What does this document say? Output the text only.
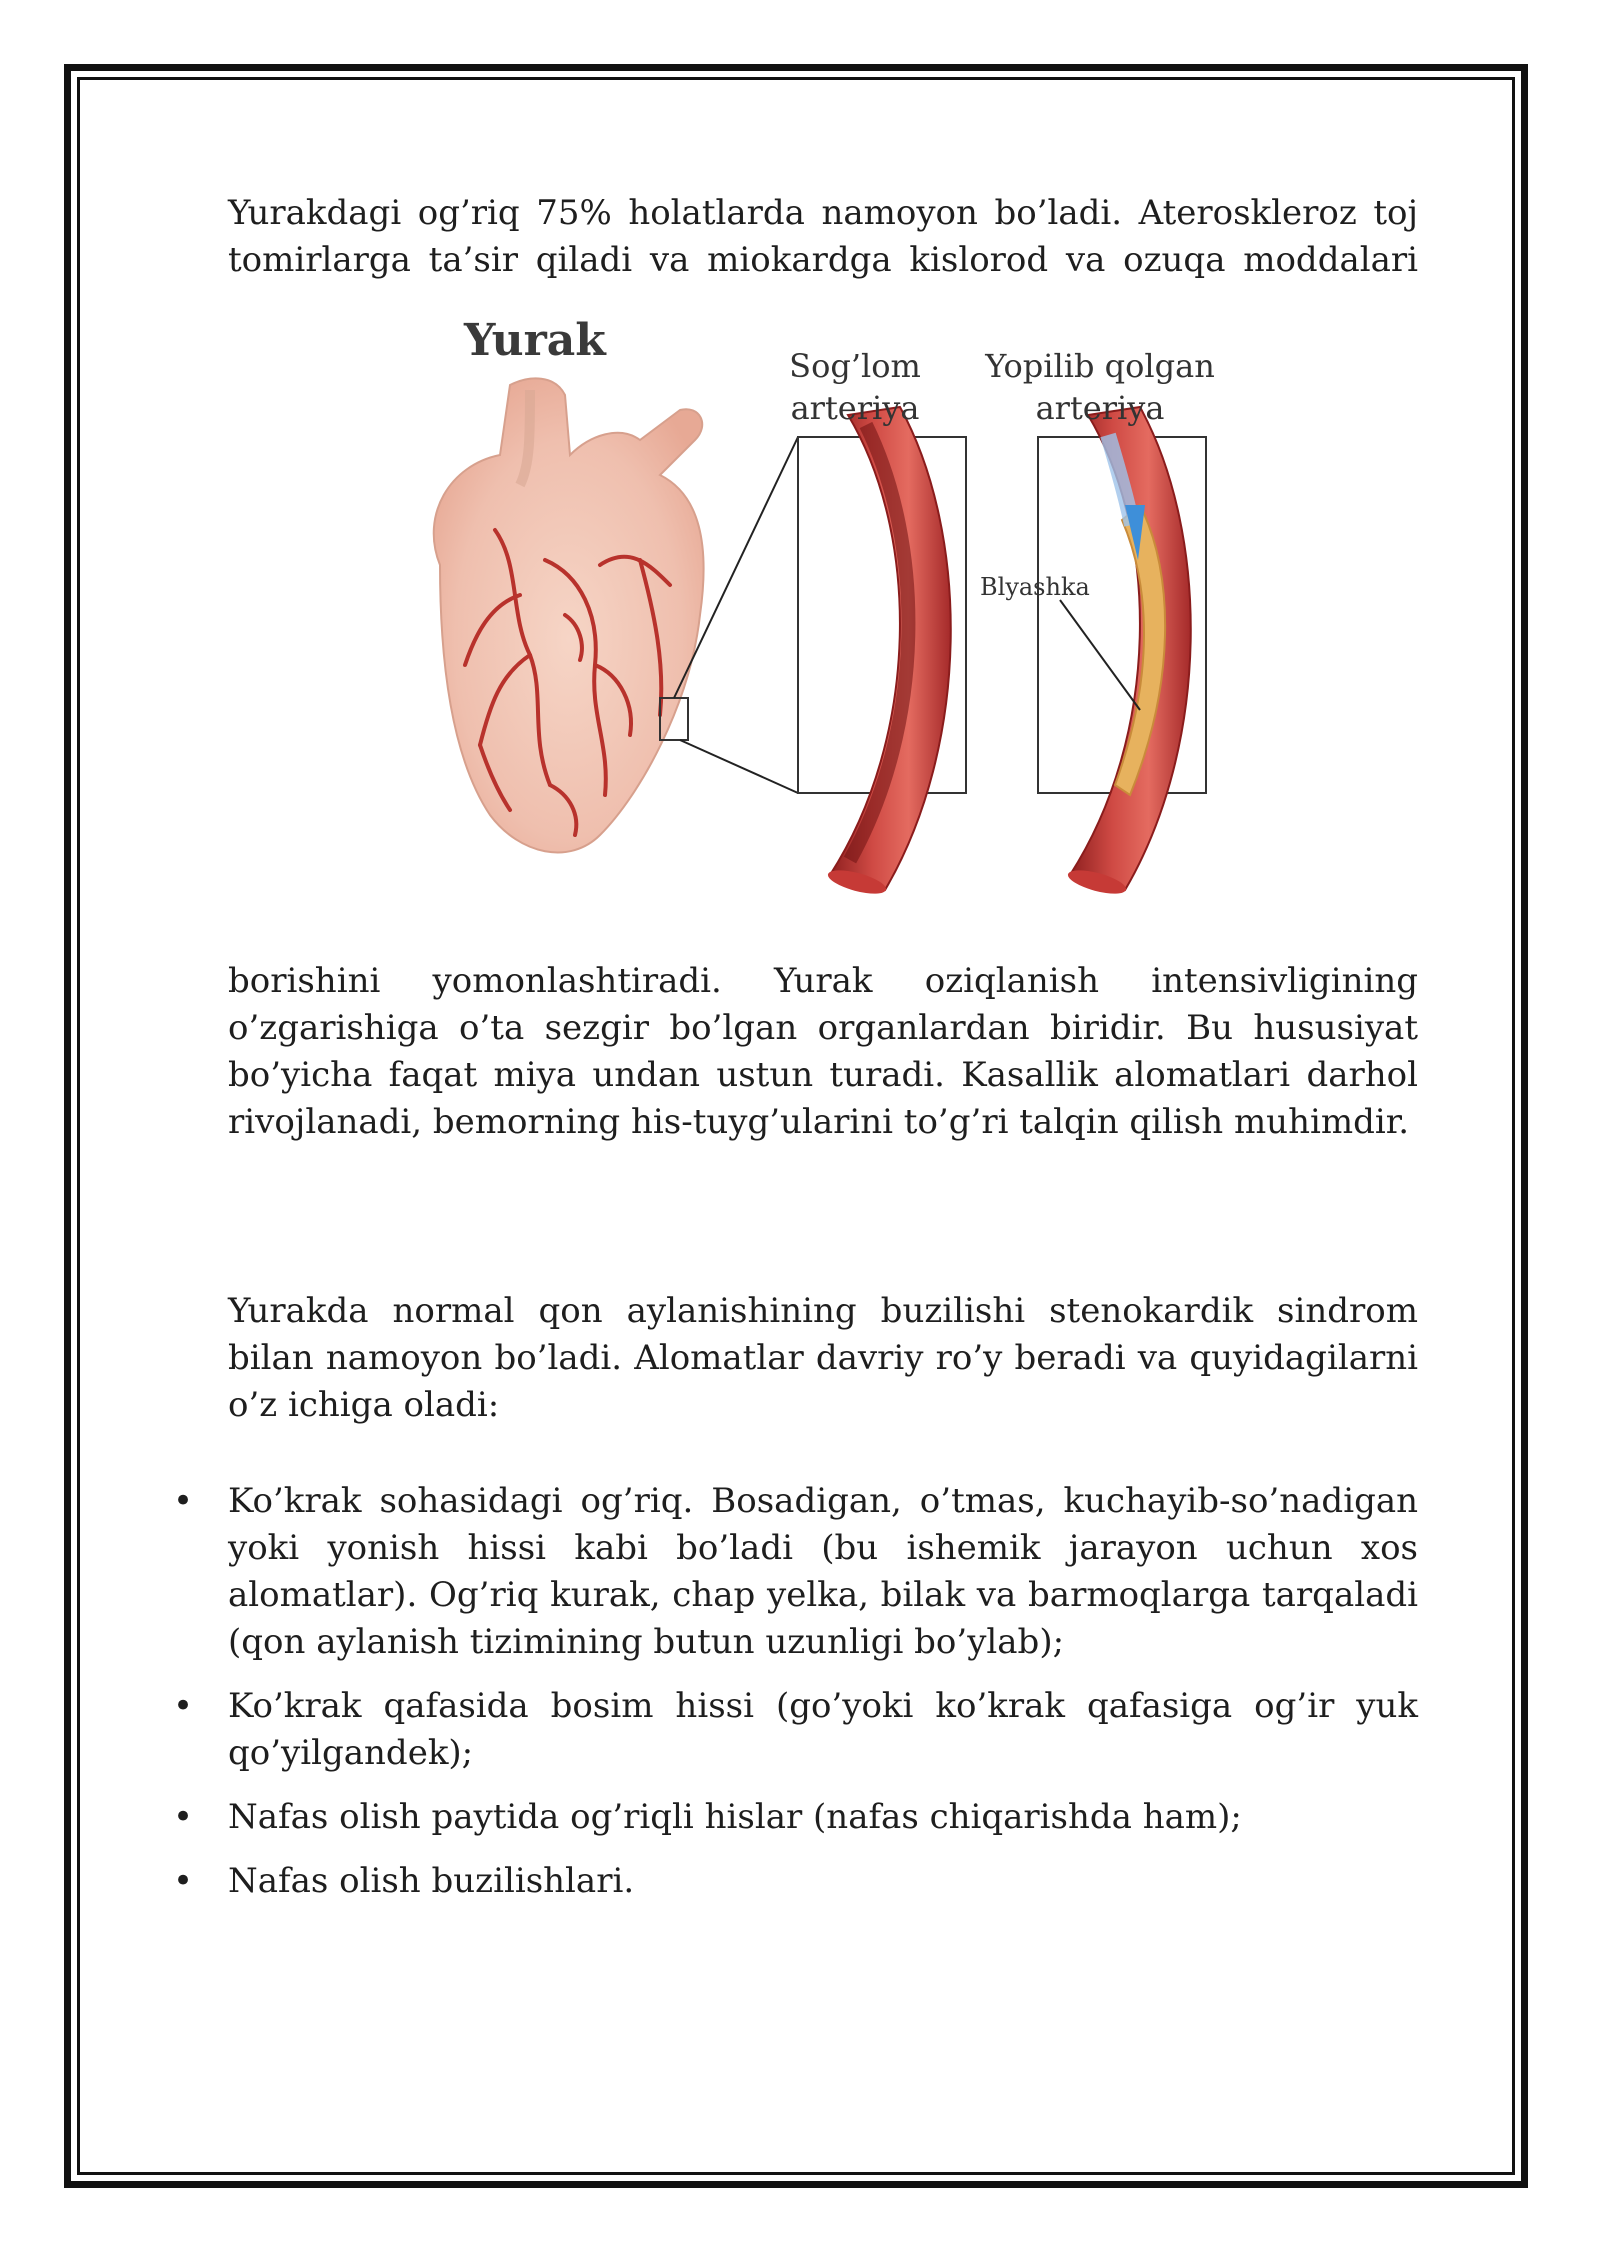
Yurakdagi og’riq 75% holatlarda namoyon bo’ladi. Ateroskleroz toj tomirlarga ta’sir qiladi va miokardga kislorod va ozuqa moddalari

Yurak	Sog’lom arteriya
Yopilib qolgan arteriya
Blyashka

borishini yomonlashtiradi. Yurak oziqlanish intensivligining o’zgarishiga o’ta sezgir bo’lgan organlardan biridir. Bu hususiyat bo’yicha faqat miya undan ustun turadi. Kasallik alomatlari darhol rivojlanadi, bemorning his-tuyg’ularini to’g’ri talqin qilish muhimdir.

Yurakda normal qon aylanishining buzilishi stenokardik sindrom bilan namoyon bo’ladi. Alomatlar davriy ro’y beradi va quyidagilarni o’z ichiga oladi:

• Ko’krak sohasidagi og’riq. Bosadigan, o’tmas, kuchayib-so’nadigan yoki yonish hissi kabi bo’ladi (bu ishemik jarayon uchun xos alomatlar). Og’riq kurak, chap yelka, bilak va barmoqlarga tarqaladi (qon aylanish tizimining butun uzunligi bo’ylab);
• Ko’krak qafasida bosim hissi (go’yoki ko’krak qafasiga og’ir yuk qo’yilgandek);
• Nafas olish paytida og’riqli hislar (nafas chiqarishda ham);
• Nafas olish buzilishlari.
